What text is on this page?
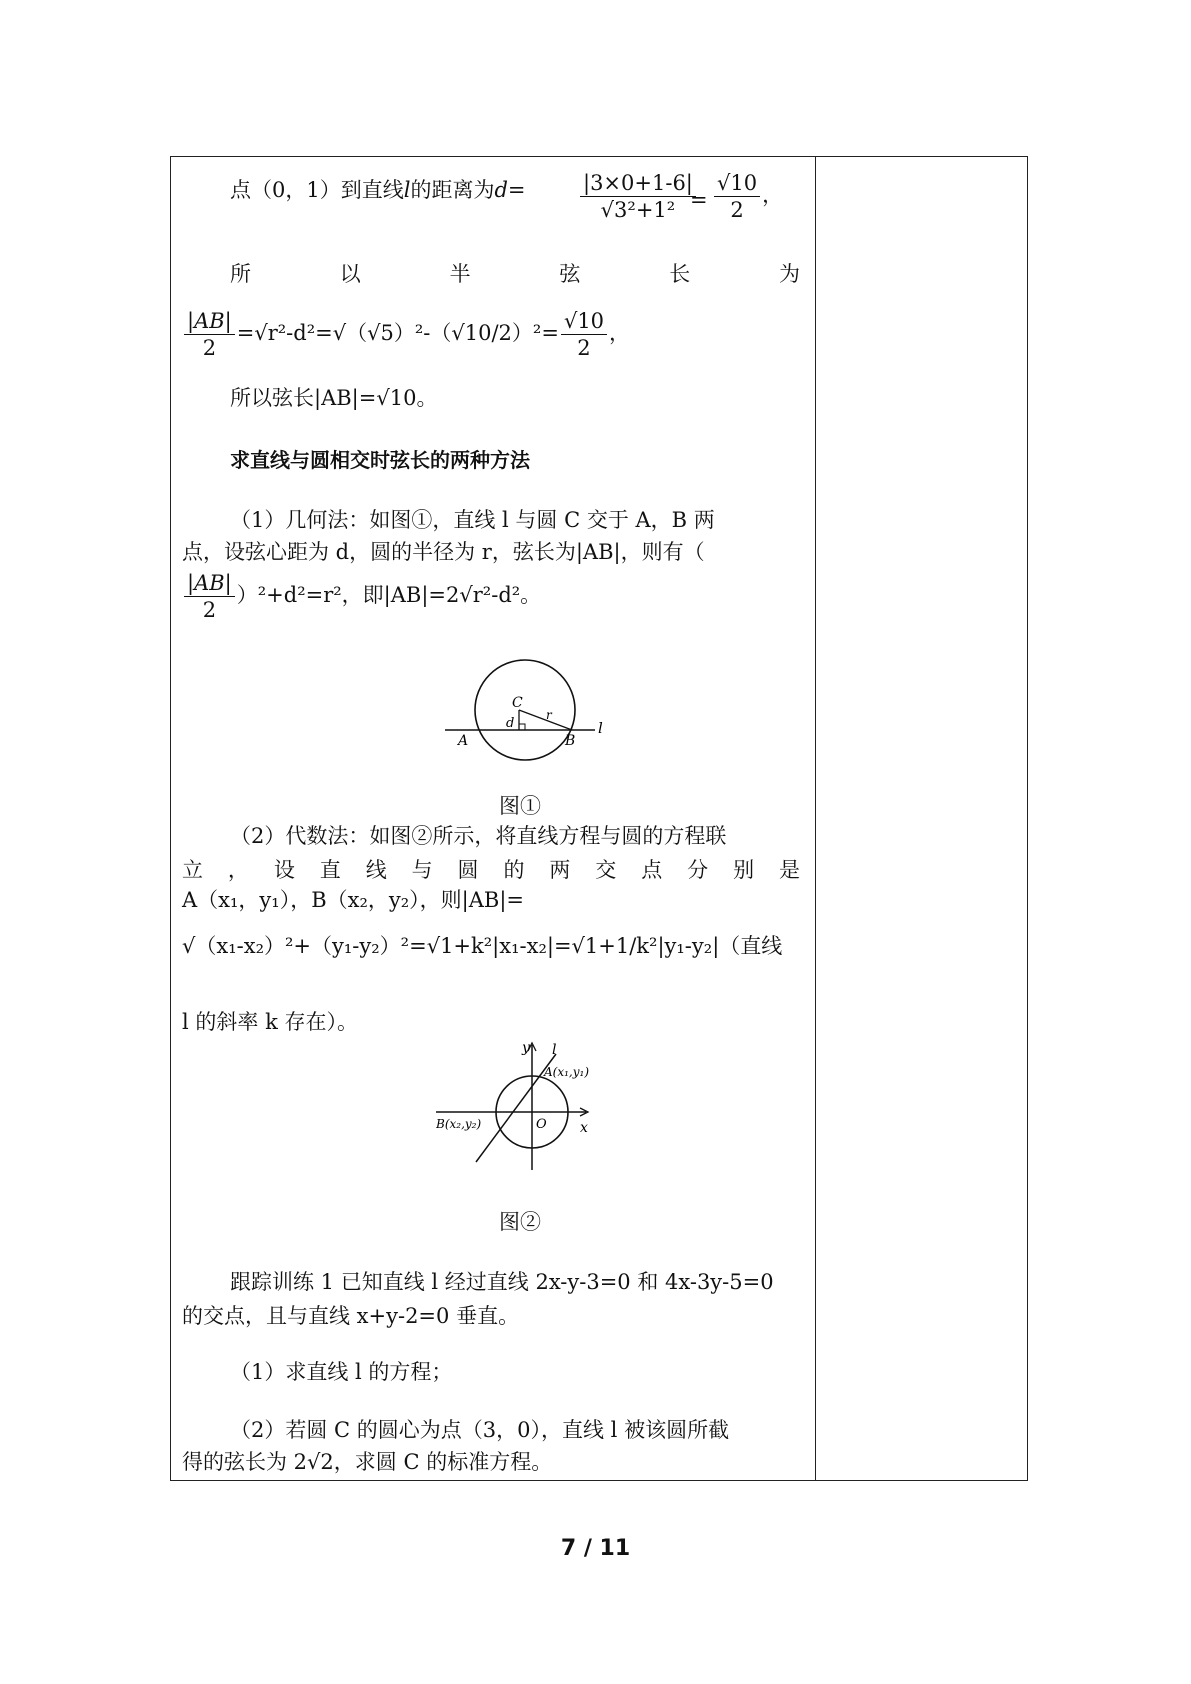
点（0，1）到直线l的距离为d=	$\frac{|3\times 0+1-6|}{\text{√3²+1²}}$
= $\frac{√10}{2}$ ，
所	以	半	弦	长	为
$\frac{|AB|}{2} =√r^2-d^2=√(√5)^2-(√10/2)^2= \frac{√10}{2}$ ，
所以弦长|AB|=√10。
求直线与圆相交时弦长的两种方法
（1）几何法：如图①，直线 l 与圆 C 交于 A，B 两
点，设弦心距为 d，圆的半径为 r，弦长为|AB|，则有（
$\frac{|AB|}{2} )^2+d^2=r^2$，即|AB|=2√r²-d²。
C
d
r
A	B
l
图①
（2）代数法：如图②所示，将直线方程与圆的方程联
立 ， 设 直 线 与 圆 的 两 交 点 分 别 是
A（x₁，y₁），B（x₂，y₂），则|AB|=
√（x₁-x₂）²+（y₁-y₂）²=√1+k²|x₁-x₂|=√1+1/k²|y₁-y₂|（直线
l 的斜率 k 存在）。
y l
A(x₁,y₁)
B(x₂,y₂)	O x
图②
跟踪训练 1 已知直线 l 经过直线 2x-y-3=0 和 4x-3y-5=0
的交点，且与直线 x+y-2=0 垂直。
（1）求直线 l 的方程；
（2）若圆 C 的圆心为点（3，0），直线 l 被该圆所截
得的弦长为 2√2，求圆 C 的标准方程。
7 / 11
